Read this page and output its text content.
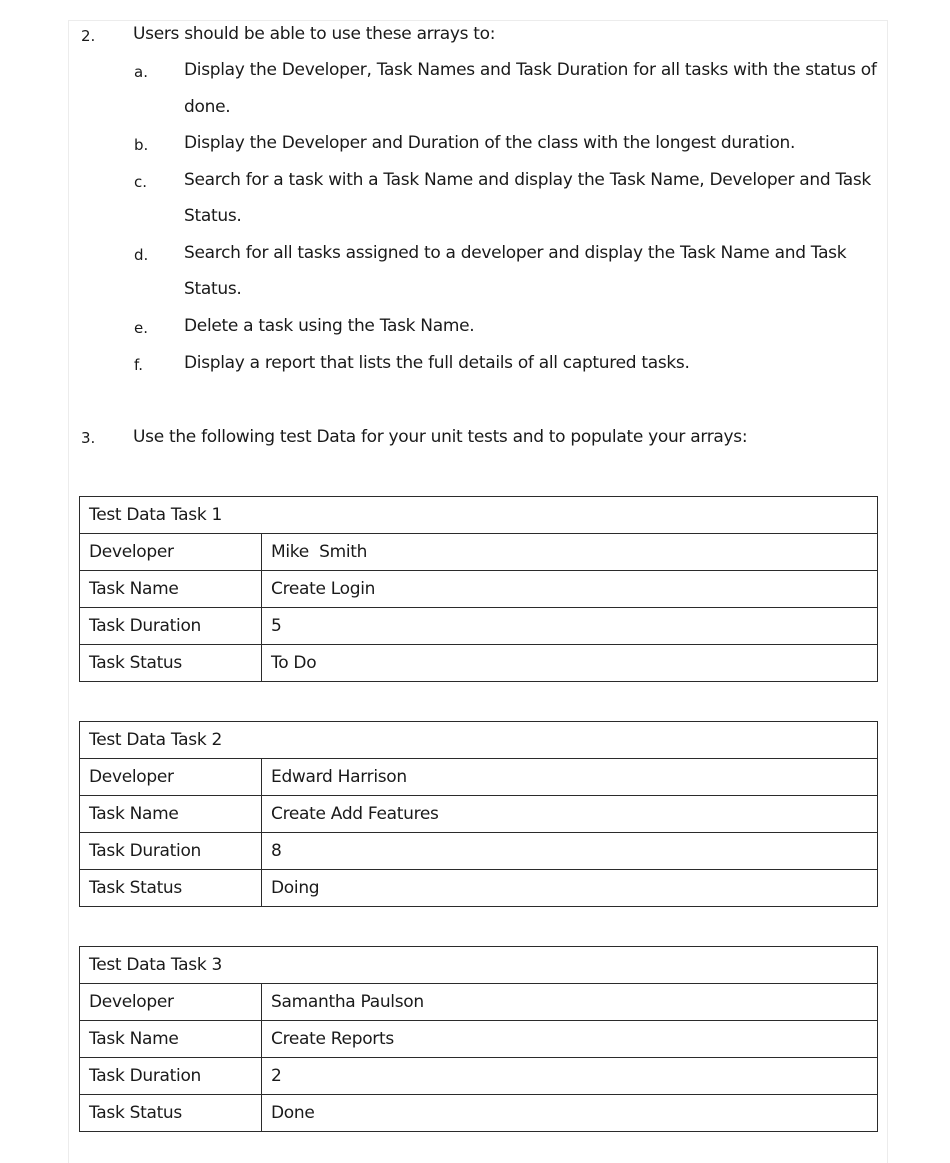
2. Users should be able to use these arrays to:
a. Display the Developer, Task Names and Task Duration for all tasks with the status of
done.
b. Display the Developer and Duration of the class with the longest duration.
c. Search for a task with a Task Name and display the Task Name, Developer and Task
Status.
d. Search for all tasks assigned to a developer and display the Task Name and Task
Status.
e. Delete a task using the Task Name.
f. Display a report that lists the full details of all captured tasks.
3. Use the following test Data for your unit tests and to populate your arrays:
Test Data Task 1	
Developer	Mike  Smith
Task Name	Create Login
Task Duration	5
Task Status	To Do
Test Data Task 2	
Developer	Edward Harrison
Task Name	Create Add Features
Task Duration	8
Task Status	Doing
Test Data Task 3	
Developer	Samantha Paulson
Task Name	Create Reports
Task Duration	2
Task Status	Done
